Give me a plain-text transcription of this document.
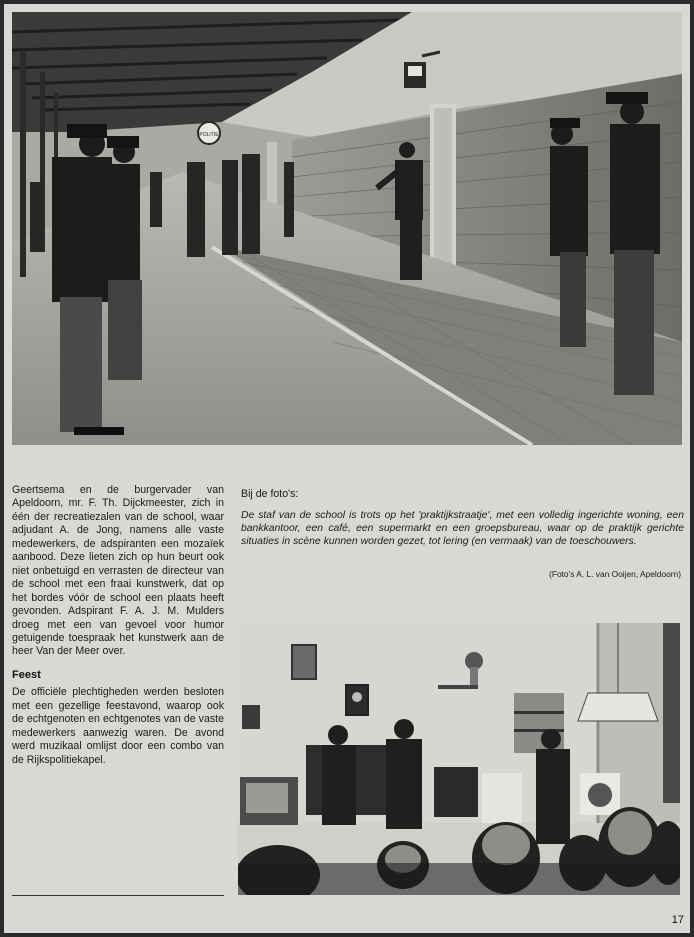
POLITIE

Geertsema en de burgervader van Apeldoorn, mr. F. Th. Dijckmeester, zich in één der recreatiezalen van de school, waar adjudant A. de Jong, namens alle vaste medewerkers, de adspiranten een mozaïek aanbood. Deze lieten zich op hun beurt ook niet onbetuigd en verrasten de directeur van de school met een fraai kunstwerk, dat op het bordes vóór de school een plaats heeft gevonden. Adspirant F. A. J. M. Mulders droeg met een van gevoel voor humor getuigende toespraak het kunstwerk aan de heer Van der Meer over.

Feest

De officiële plechtigheden werden besloten met een gezellige feestavond, waarop ook de echtgenoten en echtgenotes van de vaste medewerkers aanwezig waren. De avond werd muzikaal omlijst door een combo van de Rijkspolitiekapel.

Bij de foto's:
De staf van de school is trots op het 'praktijkstraatje', met een volledig ingerichte woning, een bankkantoor, een café, een supermarkt en een groepsbureau, waar op de praktijk gerichte situaties in scène kunnen worden gezet, tot lering (en vermaak) van de toeschouwers.
(Foto's A. L. van Ooijen, Apeldoorn)
17
